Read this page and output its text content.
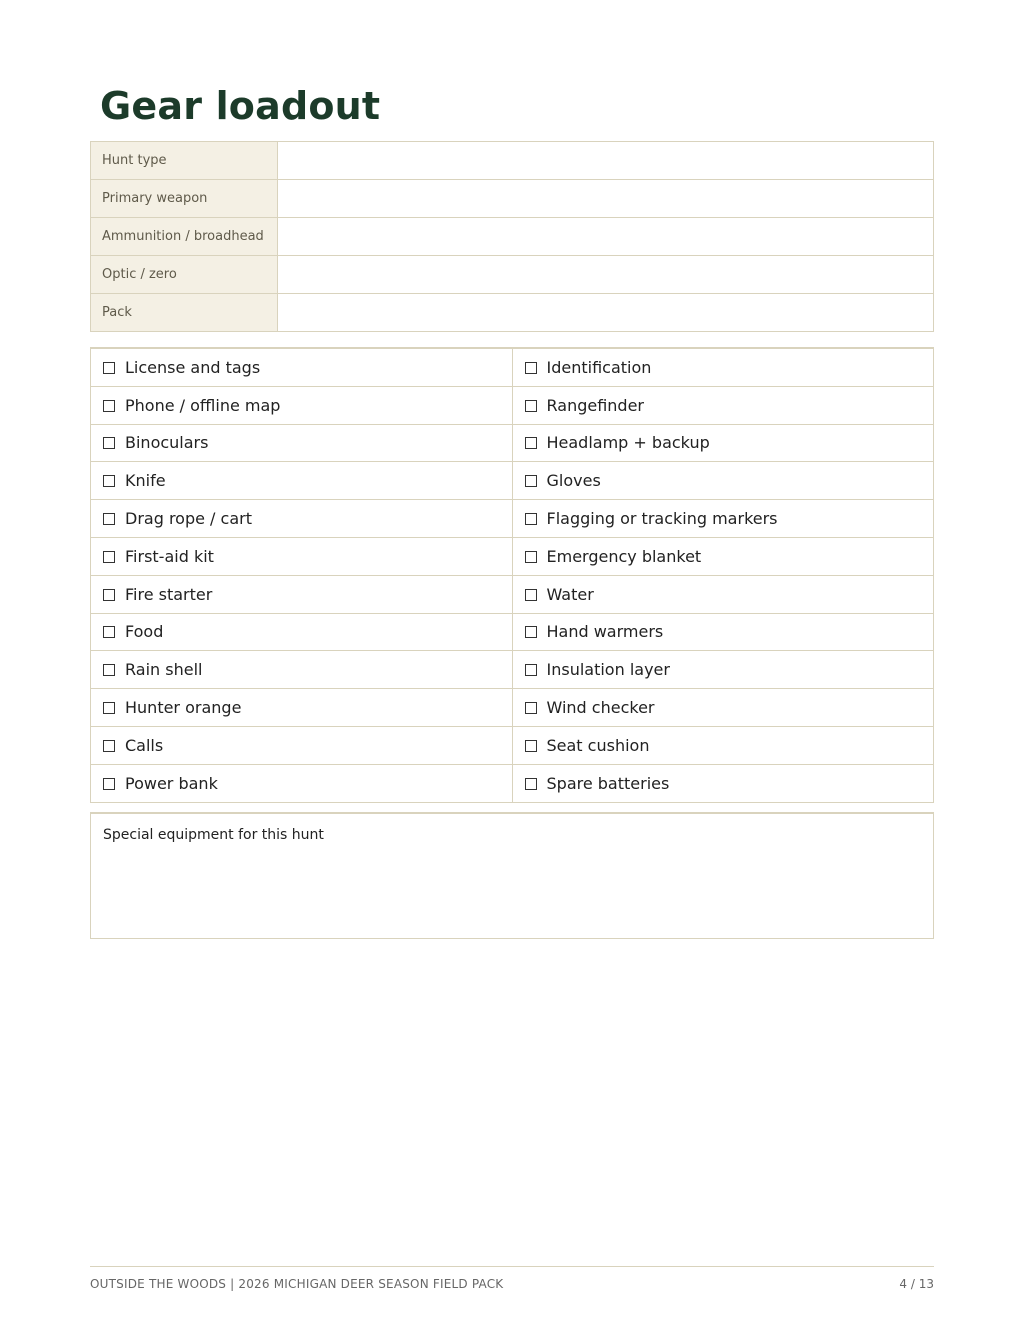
Gear loadout
Hunt type	
Primary weapon	
Ammunition / broadhead	
Optic / zero	
Pack	
License and tags	Identification
Phone / offline map	Rangefinder
Binoculars	Headlamp + backup
Knife	Gloves
Drag rope / cart	Flagging or tracking markers
First-aid kit	Emergency blanket
Fire starter	Water
Food	Hand warmers
Rain shell	Insulation layer
Hunter orange	Wind checker
Calls	Seat cushion
Power bank	Spare batteries
Special equipment for this hunt
OUTSIDE THE WOODS | 2026 MICHIGAN DEER SEASON FIELD PACK	4 / 13
